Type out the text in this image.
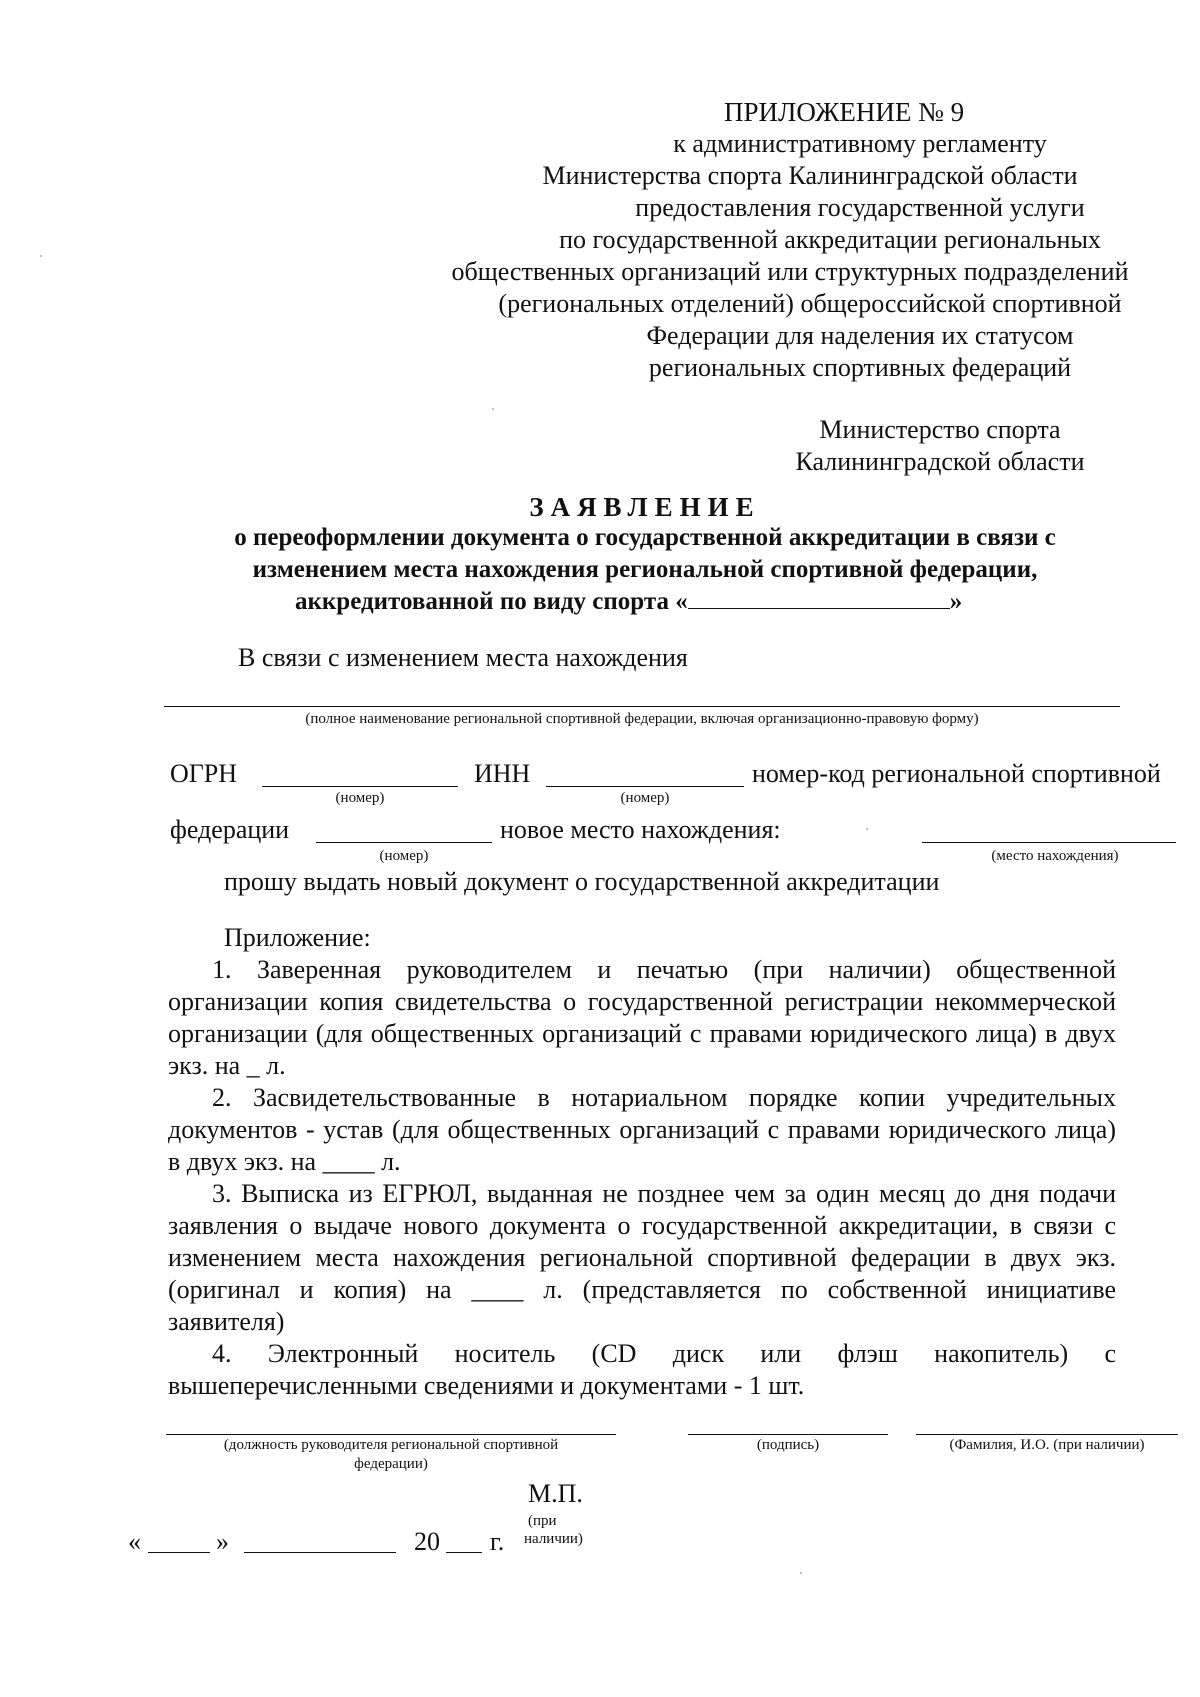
ПРИЛОЖЕНИЕ № 9
к административному регламенту
Министерства спорта Калининградской области
предоставления государственной услуги
по государственной аккредитации региональных
общественных организаций или структурных подразделений
(региональных отделений) общероссийской спортивной
Федерации для наделения их статусом
региональных спортивных федераций
Министерство спорта
Калининградской области
ЗАЯВЛЕНИЕ
о переоформлении документа о государственной аккредитации в связи с
изменением места нахождения региональной спортивной федерации,
аккредитованной по виду спорта «	»
В связи с изменением места нахождения
(полное наименование региональной спортивной федерации, включая организационно-правовую форму)
ОГРН
(номер)
ИНН
(номер)
номер-код региональной спортивной
федерации
(номер)
новое место нахождения:
(место нахождения)
прошу выдать новый документ о государственной аккредитации
Приложение:
1. Заверенная руководителем и печатью (при наличии) общественной
организации копия свидетельства о государственной регистрации некоммерческой
организации (для общественных организаций с правами юридического лица) в двух
экз. на _ л.
2. Засвидетельствованные в нотариальном порядке копии учредительных
документов - устав (для общественных организаций с правами юридического лица)
в двух экз. на ____ л.
3. Выписка из ЕГРЮЛ, выданная не позднее чем за один месяц до дня подачи
заявления о выдаче нового документа о государственной аккредитации, в связи с
изменением места нахождения региональной спортивной федерации в двух экз.
(оригинал и копия) на ____ л. (представляется по собственной инициативе
заявителя)
4. Электронный носитель (CD диск или флэш накопитель) с
вышеперечисленными сведениями и документами - 1 шт.
(должность руководителя региональной спортивной
федерации)
(подпись)	(Фамилия, И.О. (при наличии)
М.П.
«	»	20 г.
(при
наличии)
